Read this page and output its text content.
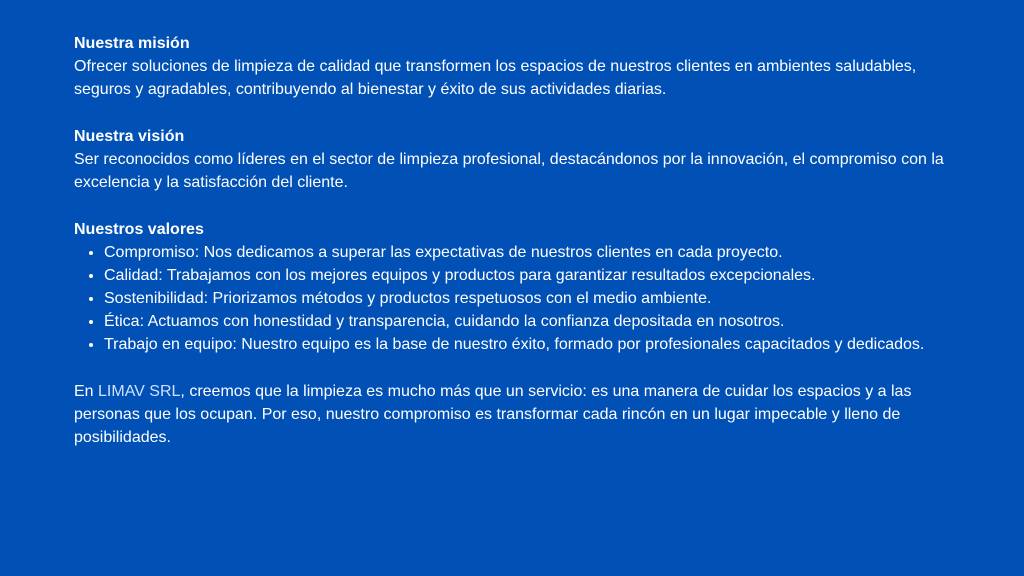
Nuestra misión

Ofrecer soluciones de limpieza de calidad que transformen los espacios de nuestros clientes en ambientes saludables, seguros y agradables, contribuyendo al bienestar y éxito de sus actividades diarias.

Nuestra visión

Ser reconocidos como líderes en el sector de limpieza profesional, destacándonos por la innovación, el compromiso con la excelencia y la satisfacción del cliente.

Nuestros valores

• Compromiso: Nos dedicamos a superar las expectativas de nuestros clientes en cada proyecto.
• Calidad: Trabajamos con los mejores equipos y productos para garantizar resultados excepcionales.
• Sostenibilidad: Priorizamos métodos y productos respetuosos con el medio ambiente.
• Ética: Actuamos con honestidad y transparencia, cuidando la confianza depositada en nosotros.
• Trabajo en equipo: Nuestro equipo es la base de nuestro éxito, formado por profesionales capacitados y dedicados.

En LIMAV SRL, creemos que la limpieza es mucho más que un servicio: es una manera de cuidar los espacios y a las personas que los ocupan. Por eso, nuestro compromiso es transformar cada rincón en un lugar impecable y lleno de posibilidades.
